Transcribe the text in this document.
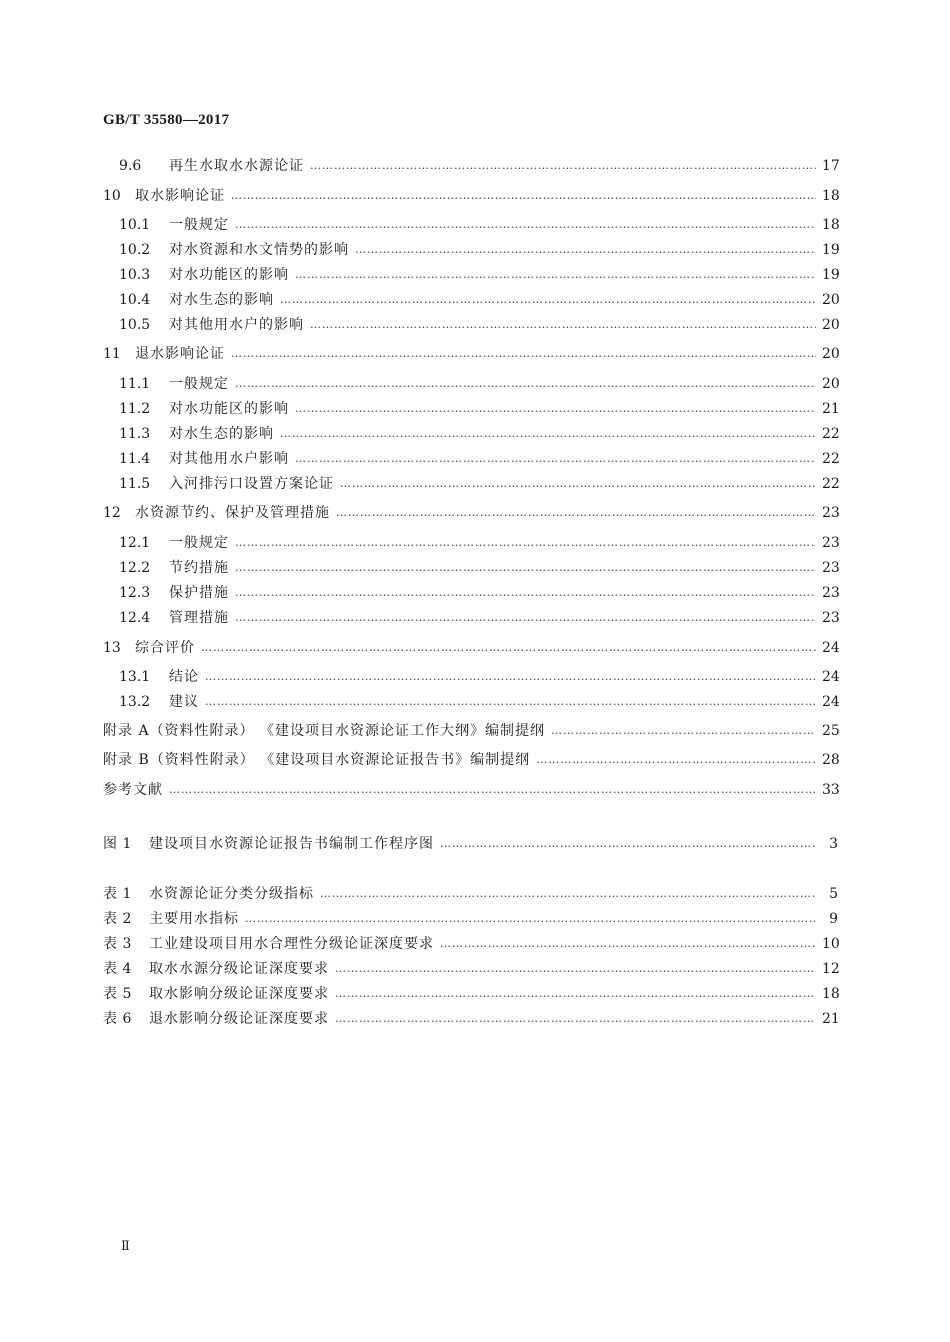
GB/T 35580—2017
9.6	再生水取水水源论证 ……………………………………………………………………………………………………………………………………………………………………………………………………………………………………	17
10	取水影响论证 ……………………………………………………………………………………………………………………………………………………………………………………………………………………………………	18
10.1	一般规定 ……………………………………………………………………………………………………………………………………………………………………………………………………………………………………	18
10.2	对水资源和水文情势的影响 ……………………………………………………………………………………………………………………………………………………………………………………………………………………………………	19
10.3	对水功能区的影响 ……………………………………………………………………………………………………………………………………………………………………………………………………………………………………	19
10.4	对水生态的影响 ……………………………………………………………………………………………………………………………………………………………………………………………………………………………………	20
10.5	对其他用水户的影响 ……………………………………………………………………………………………………………………………………………………………………………………………………………………………………	20
11	退水影响论证 ……………………………………………………………………………………………………………………………………………………………………………………………………………………………………	20
11.1	一般规定 ……………………………………………………………………………………………………………………………………………………………………………………………………………………………………	20
11.2	对水功能区的影响 ……………………………………………………………………………………………………………………………………………………………………………………………………………………………………	21
11.3	对水生态的影响 ……………………………………………………………………………………………………………………………………………………………………………………………………………………………………	22
11.4	对其他用水户影响 ……………………………………………………………………………………………………………………………………………………………………………………………………………………………………	22
11.5	入河排污口设置方案论证 ……………………………………………………………………………………………………………………………………………………………………………………………………………………………………	22
12	水资源节约、保护及管理措施 ……………………………………………………………………………………………………………………………………………………………………………………………………………………………………	23
12.1	一般规定 ……………………………………………………………………………………………………………………………………………………………………………………………………………………………………	23
12.2	节约措施 ……………………………………………………………………………………………………………………………………………………………………………………………………………………………………	23
12.3	保护措施 ……………………………………………………………………………………………………………………………………………………………………………………………………………………………………	23
12.4	管理措施 ……………………………………………………………………………………………………………………………………………………………………………………………………………………………………	23
13	综合评价 ……………………………………………………………………………………………………………………………………………………………………………………………………………………………………	24
13.1	结论 ……………………………………………………………………………………………………………………………………………………………………………………………………………………………………	24
13.2	建议 ……………………………………………………………………………………………………………………………………………………………………………………………………………………………………	24
附录 A（资料性附录） 《建设项目水资源论证工作大纲》编制提纲 ……………………………………………………………………………………………………………………………………………………………………………………………………………………………………	25
附录 B（资料性附录） 《建设项目水资源论证报告书》编制提纲 ……………………………………………………………………………………………………………………………………………………………………………………………………………………………………	28
参考文献 ……………………………………………………………………………………………………………………………………………………………………………………………………………………………………	33
图 1	建设项目水资源论证报告书编制工作程序图 ……………………………………………………………………………………………………………………………………………………………………………………………………………………………………	3
表 1	水资源论证分类分级指标 ……………………………………………………………………………………………………………………………………………………………………………………………………………………………………	5
表 2	主要用水指标 ……………………………………………………………………………………………………………………………………………………………………………………………………………………………………	9
表 3	工业建设项目用水合理性分级论证深度要求 ……………………………………………………………………………………………………………………………………………………………………………………………………………………………………	10
表 4	取水水源分级论证深度要求 ……………………………………………………………………………………………………………………………………………………………………………………………………………………………………	12
表 5	取水影响分级论证深度要求 ……………………………………………………………………………………………………………………………………………………………………………………………………………………………………	18
表 6	退水影响分级论证深度要求 ……………………………………………………………………………………………………………………………………………………………………………………………………………………………………	21
Ⅱ
